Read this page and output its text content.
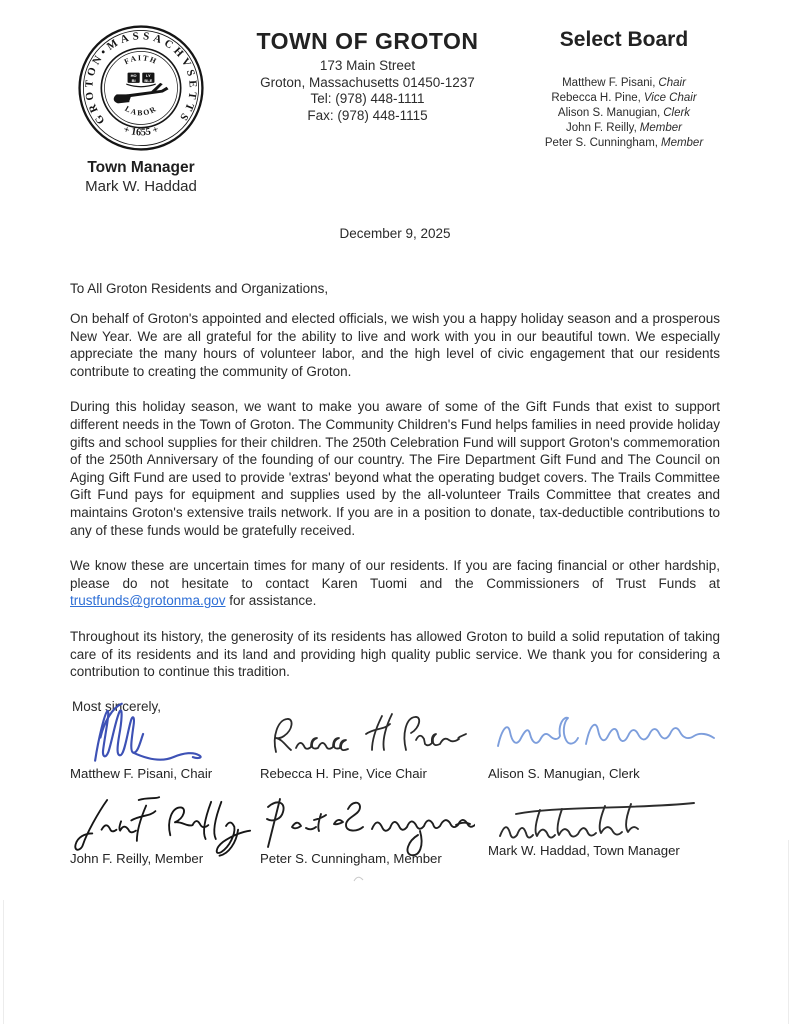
GROTON•MASSACHVSETTS
+ 1655 +
FAITH
LABOR
HO LY
BI BLE
Town Manager
Mark W. Haddad
TOWN OF GROTON
173 Main Street
Groton, Massachusetts 01450-1237
Tel: (978) 448-1111
Fax: (978) 448-1115
Select Board
Matthew F. Pisani, Chair
Rebecca H. Pine, Vice Chair
Alison S. Manugian, Clerk
John F. Reilly, Member
Peter S. Cunningham, Member
December 9, 2025
To All Groton Residents and Organizations,

On behalf of Groton's appointed and elected officials, we wish you a happy holiday season and a prosperous New Year. We are all grateful for the ability to live and work with you in our beautiful town. We especially appreciate the many hours of volunteer labor, and the high level of civic engagement that our residents contribute to creating the community of Groton.

During this holiday season, we want to make you aware of some of the Gift Funds that exist to support different needs in the Town of Groton. The Community Children's Fund helps families in need provide holiday gifts and school supplies for their children. The 250th Celebration Fund will support Groton's commemoration of the 250th Anniversary of the founding of our country. The Fire Department Gift Fund and The Council on Aging Gift Fund are used to provide 'extras' beyond what the operating budget covers. The Trails Committee Gift Fund pays for equipment and supplies used by the all-volunteer Trails Committee that creates and maintains Groton's extensive trails network. If you are in a position to donate, tax-deductible contributions to any of these funds would be gratefully received.

We know these are uncertain times for many of our residents. If you are facing financial or other hardship, please do not hesitate to contact Karen Tuomi and the Commissioners of Trust Funds at trustfunds@grotonma.gov for assistance.

Throughout its history, the generosity of its residents has allowed Groton to build a solid reputation of taking care of its residents and its land and providing high quality public service. We thank you for considering a contribution to continue this tradition.

Most sincerely,
Matthew F. Pisani, Chair	Rebecca H. Pine, Vice Chair	Alison S. Manugian, Clerk
John F. Reilly, Member	Peter S. Cunningham, Member
Mark W. Haddad, Town Manager
